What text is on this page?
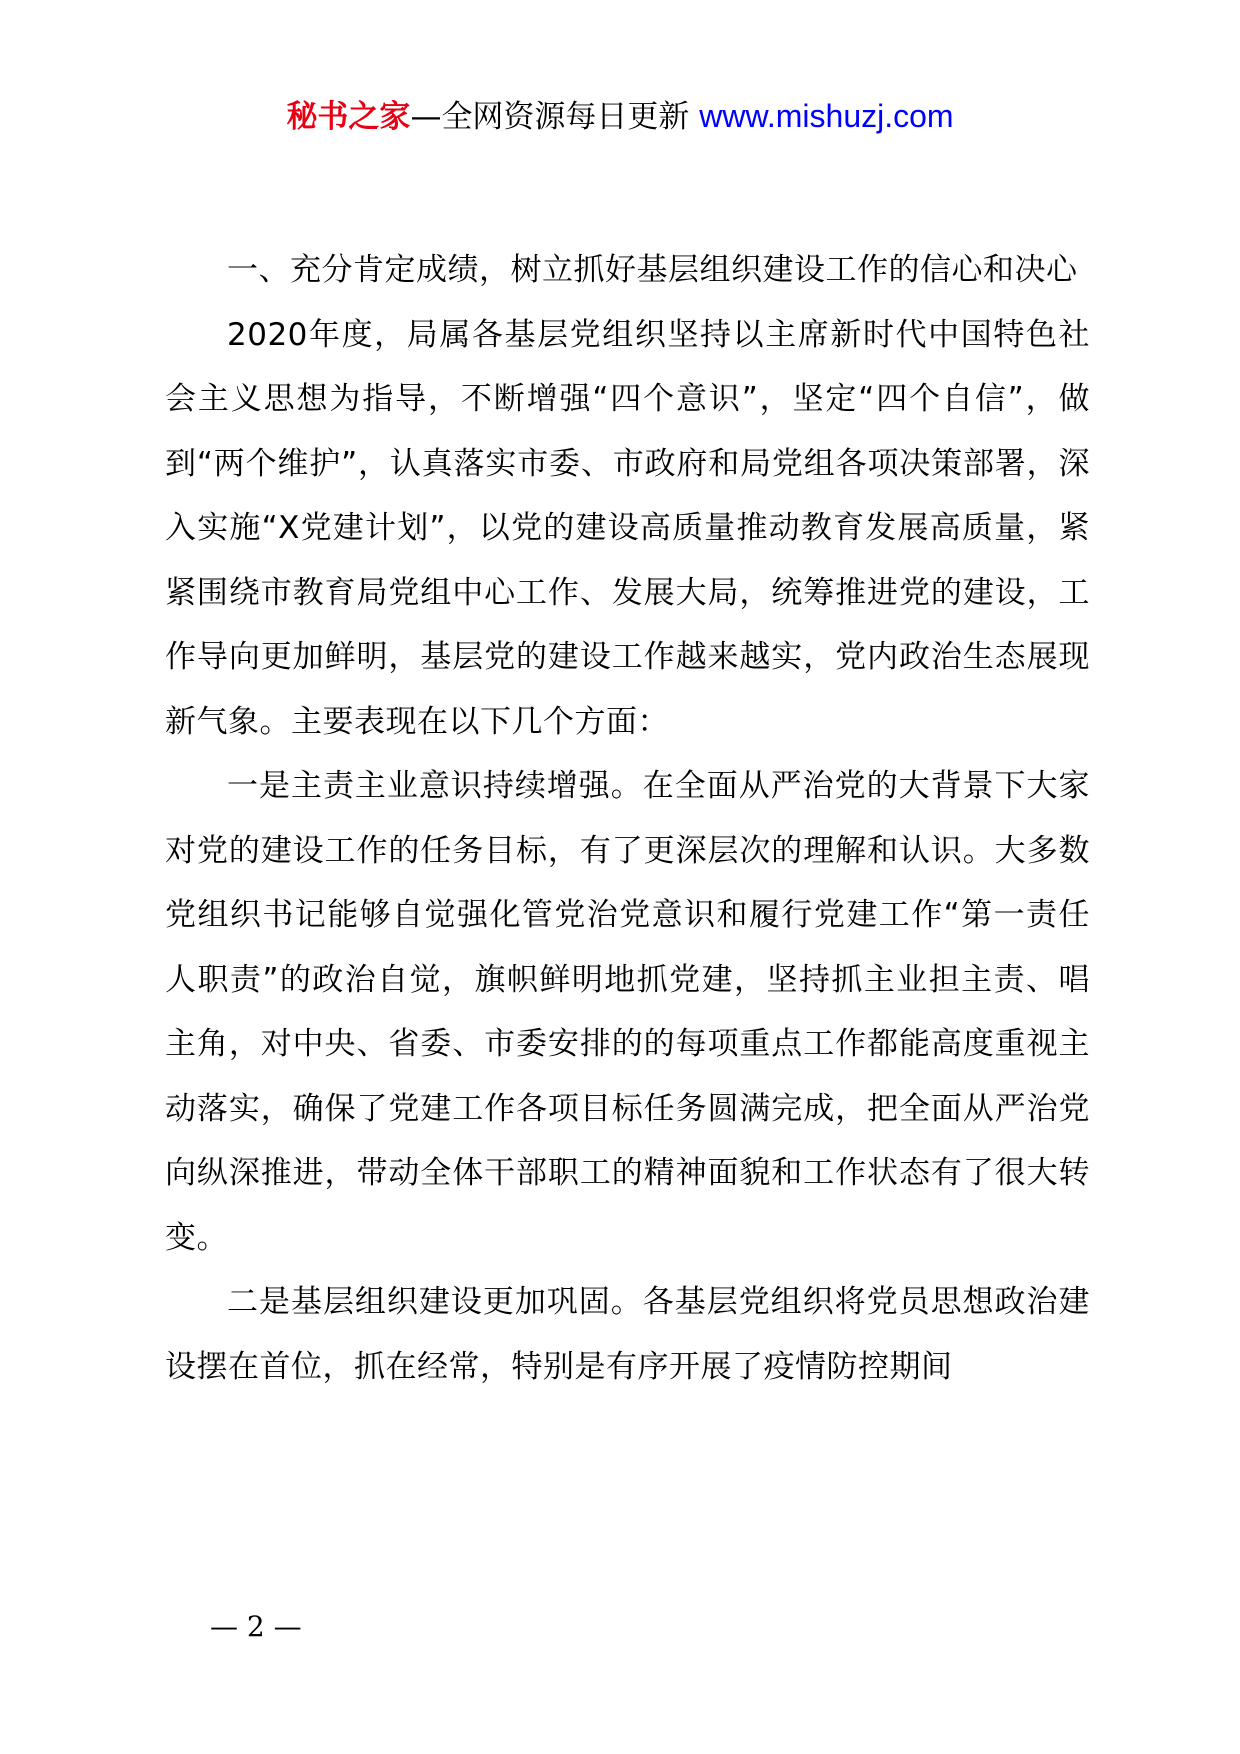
秘书之家—全网资源每日更新 www.mishuzj.com

一、充分肯定成绩，树立抓好基层组织建设工作的信心和决心

2020年度，局属各基层党组织坚持以主席新时代中国特色社会主义思想为指导，不断增强“四个意识”，坚定“四个自信”，做到“两个维护”，认真落实市委、市政府和局党组各项决策部署，深入实施“X党建计划”，以党的建设高质量推动教育发展高质量，紧紧围绕市教育局党组中心工作、发展大局，统筹推进党的建设，工作导向更加鲜明，基层党的建设工作越来越实，党内政治生态展现新气象。主要表现在以下几个方面：

一是主责主业意识持续增强。在全面从严治党的大背景下大家对党的建设工作的任务目标，有了更深层次的理解和认识。大多数党组织书记能够自觉强化管党治党意识和履行党建工作“第一责任人职责”的政治自觉，旗帜鲜明地抓党建，坚持抓主业担主责、唱主角，对中央、省委、市委安排的的每项重点工作都能高度重视主动落实，确保了党建工作各项目标任务圆满完成，把全面从严治党向纵深推进，带动全体干部职工的精神面貌和工作状态有了很大转变。

二是基层组织建设更加巩固。各基层党组织将党员思想政治建设摆在首位，抓在经常，特别是有序开展了疫情防控期间

— 2 —
